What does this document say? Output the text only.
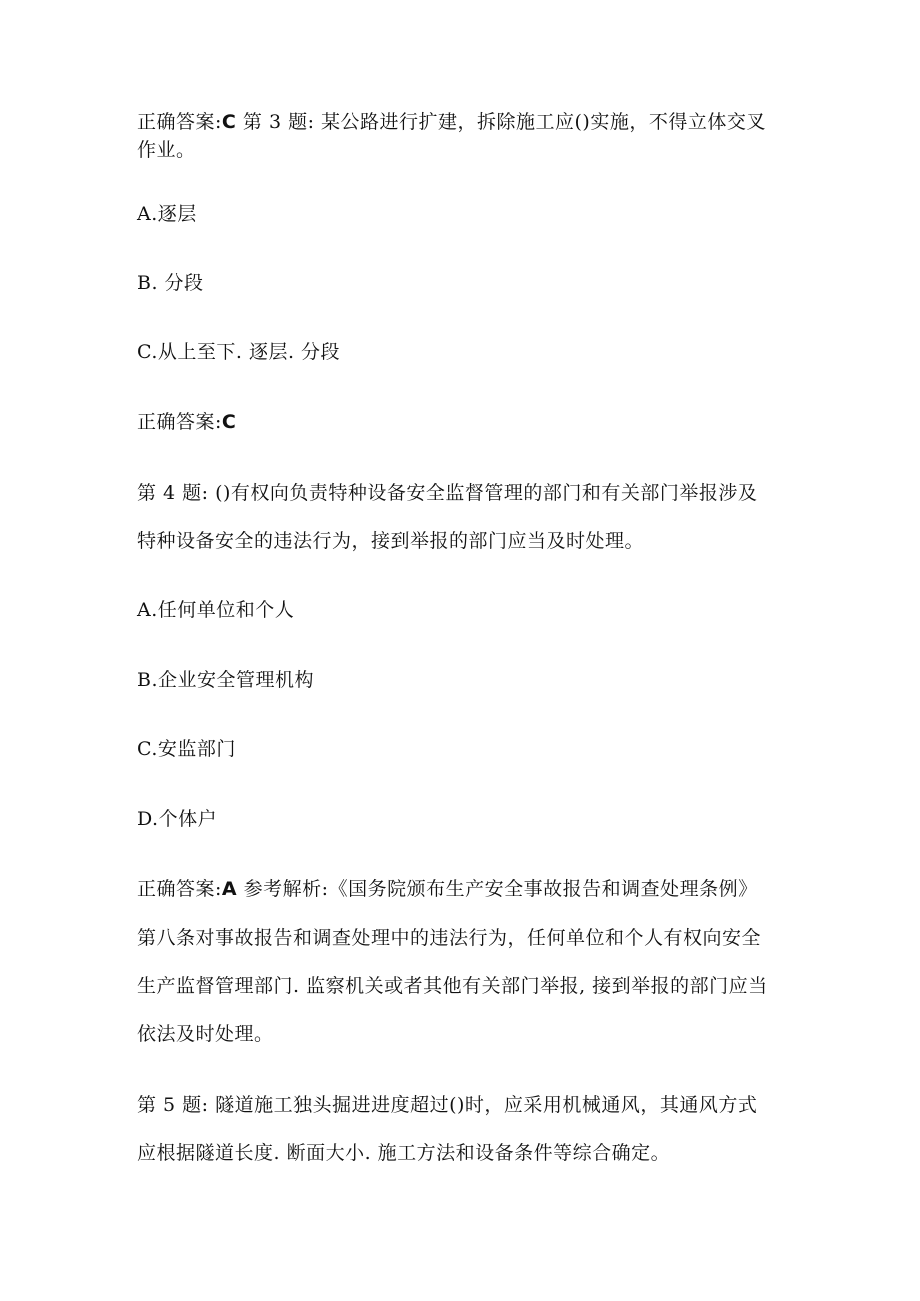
正确答案:C 第 3 题: 某公路进行扩建，拆除施工应()实施，不得立体交叉
作业。
A.逐层
B. 分段
C.从上至下. 逐层. 分段
正确答案:C
第 4 题: ()有权向负责特种设备安全监督管理的部门和有关部门举报涉及
特种设备安全的违法行为，接到举报的部门应当及时处理。
A.任何单位和个人
B.企业安全管理机构
C.安监部门
D.个体户
正确答案:A 参考解析:《国务院颁布生产安全事故报告和调查处理条例》
第八条对事故报告和调查处理中的违法行为，任何单位和个人有权向安全
生产监督管理部门. 监察机关或者其他有关部门举报, 接到举报的部门应当
依法及时处理。
第 5 题: 隧道施工独头掘进进度超过()时，应采用机械通风，其通风方式
应根据隧道长度. 断面大小. 施工方法和设备条件等综合确定。
